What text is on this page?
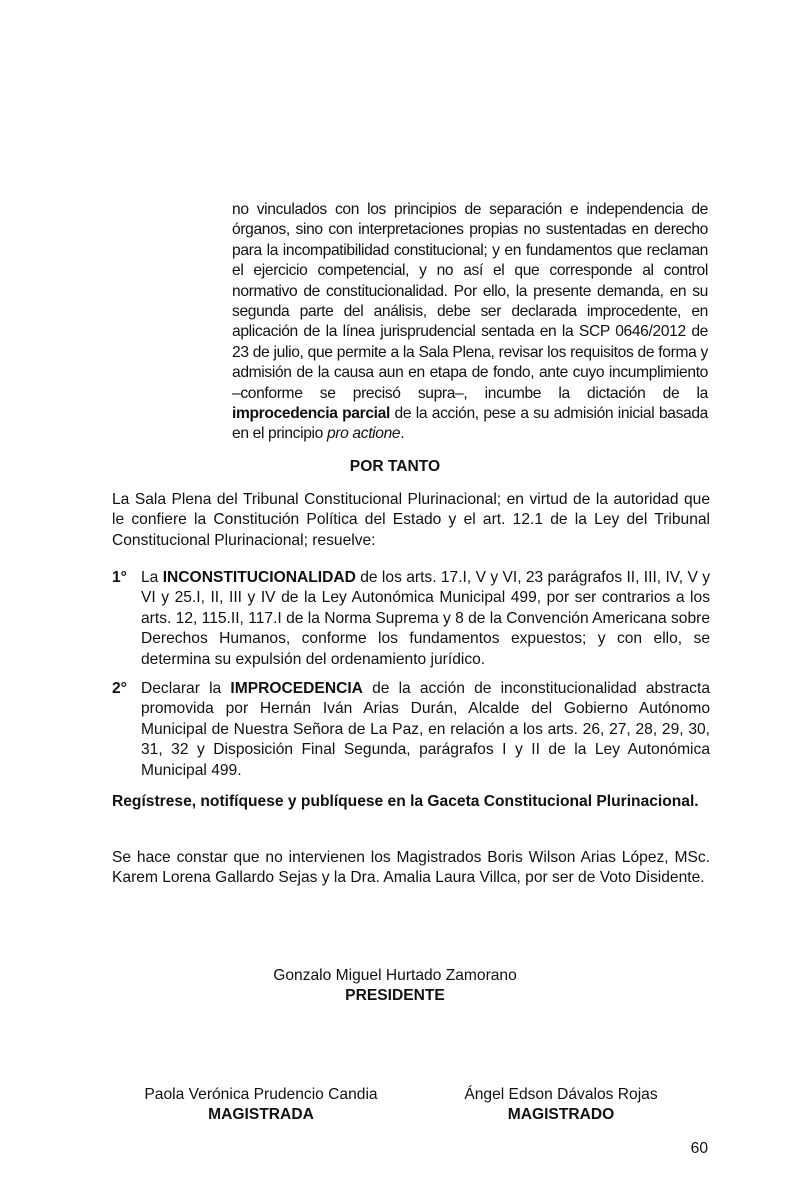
no vinculados con los principios de separación e independencia de órganos, sino con interpretaciones propias no sustentadas en derecho para la incompatibilidad constitucional; y en fundamentos que reclaman el ejercicio competencial, y no así el que corresponde al control normativo de constitucionalidad. Por ello, la presente demanda, en su segunda parte del análisis, debe ser declarada improcedente, en aplicación de la línea jurisprudencial sentada en la SCP 0646/2012 de 23 de julio, que permite a la Sala Plena, revisar los requisitos de forma y admisión de la causa aun en etapa de fondo, ante cuyo incumplimiento –conforme se precisó supra–, incumbe la dictación de la improcedencia parcial de la acción, pese a su admisión inicial basada en el principio pro actione.

POR TANTO

La Sala Plena del Tribunal Constitucional Plurinacional; en virtud de la autoridad que le confiere la Constitución Política del Estado y el art. 12.1 de la Ley del Tribunal Constitucional Plurinacional; resuelve:

1° La INCONSTITUCIONALIDAD de los arts. 17.I, V y VI, 23 parágrafos II, III, IV, V y VI y 25.I, II, III y IV de la Ley Autonómica Municipal 499, por ser contrarios a los arts. 12, 115.II, 117.I de la Norma Suprema y 8 de la Convención Americana sobre Derechos Humanos, conforme los fundamentos expuestos; y con ello, se determina su expulsión del ordenamiento jurídico.
2° Declarar la IMPROCEDENCIA de la acción de inconstitucionalidad abstracta promovida por Hernán Iván Arias Durán, Alcalde del Gobierno Autónomo Municipal de Nuestra Señora de La Paz, en relación a los arts. 26, 27, 28, 29, 30, 31, 32 y Disposición Final Segunda, parágrafos I y II de la Ley Autonómica Municipal 499.

Regístrese, notifíquese y publíquese en la Gaceta Constitucional Plurinacional.

Se hace constar que no intervienen los Magistrados Boris Wilson Arias López, MSc. Karem Lorena Gallardo Sejas y la Dra. Amalia Laura Villca, por ser de Voto Disidente.

Gonzalo Miguel Hurtado Zamorano
PRESIDENTE
Paola Verónica Prudencio Candia
MAGISTRADA
Ángel Edson Dávalos Rojas
MAGISTRADO
60
